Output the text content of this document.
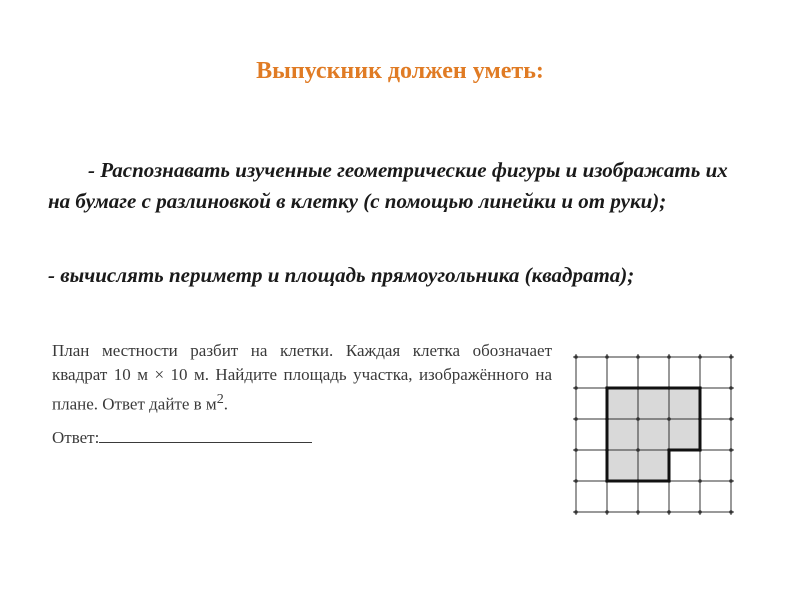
Выпускник должен уметь:
- Распознавать изученные геометрические фигуры и изображать их на бумаге с разлиновкой в клетку (с помощью линейки и от руки);
- вычислять периметр и площадь прямоугольника (квадрата);
План местности разбит на клетки. Каждая клетка обозначает квадрат 10 м × 10 м. Найдите площадь участка, изображённого на плане. Ответ дайте в $м^2$.
Ответ:
